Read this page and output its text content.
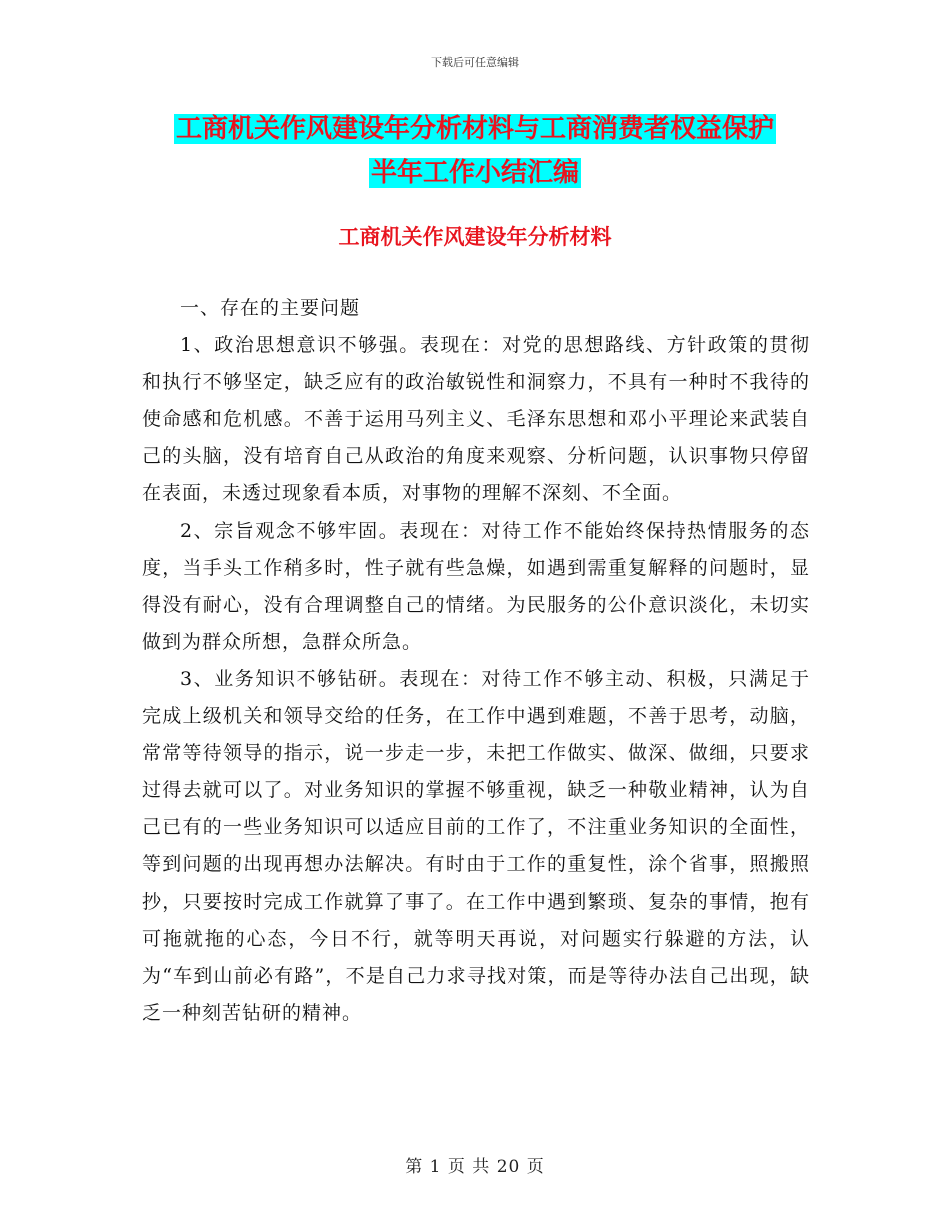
下载后可任意编辑
工商机关作风建设年分析材料与工商消费者权益保护
半年工作小结汇编
工商机关作风建设年分析材料

一、存在的主要问题

1、政治思想意识不够强。表现在：对党的思想路线、方针政策的贯彻和执行不够坚定，缺乏应有的政治敏锐性和洞察力，不具有一种时不我待的使命感和危机感。不善于运用马列主义、毛泽东思想和邓小平理论来武装自己的头脑，没有培育自己从政治的角度来观察、分析问题，认识事物只停留在表面，未透过现象看本质，对事物的理解不深刻、不全面。

2、宗旨观念不够牢固。表现在：对待工作不能始终保持热情服务的态度，当手头工作稍多时，性子就有些急燥，如遇到需重复解释的问题时，显得没有耐心，没有合理调整自己的情绪。为民服务的公仆意识淡化，未切实做到为群众所想，急群众所急。

3、业务知识不够钻研。表现在：对待工作不够主动、积极，只满足于完成上级机关和领导交给的任务，在工作中遇到难题，不善于思考，动脑，常常等待领导的指示，说一步走一步，未把工作做实、做深、做细，只要求过得去就可以了。对业务知识的掌握不够重视，缺乏一种敬业精神，认为自己已有的一些业务知识可以适应目前的工作了，不注重业务知识的全面性，等到问题的出现再想办法解决。有时由于工作的重复性，涂个省事，照搬照抄，只要按时完成工作就算了事了。在工作中遇到繁琐、复杂的事情，抱有可拖就拖的心态，今日不行，就等明天再说，对问题实行躲避的方法，认为“车到山前必有路”，不是自己力求寻找对策，而是等待办法自己出现，缺乏一种刻苦钻研的精神。

第 1 页 共 20 页
